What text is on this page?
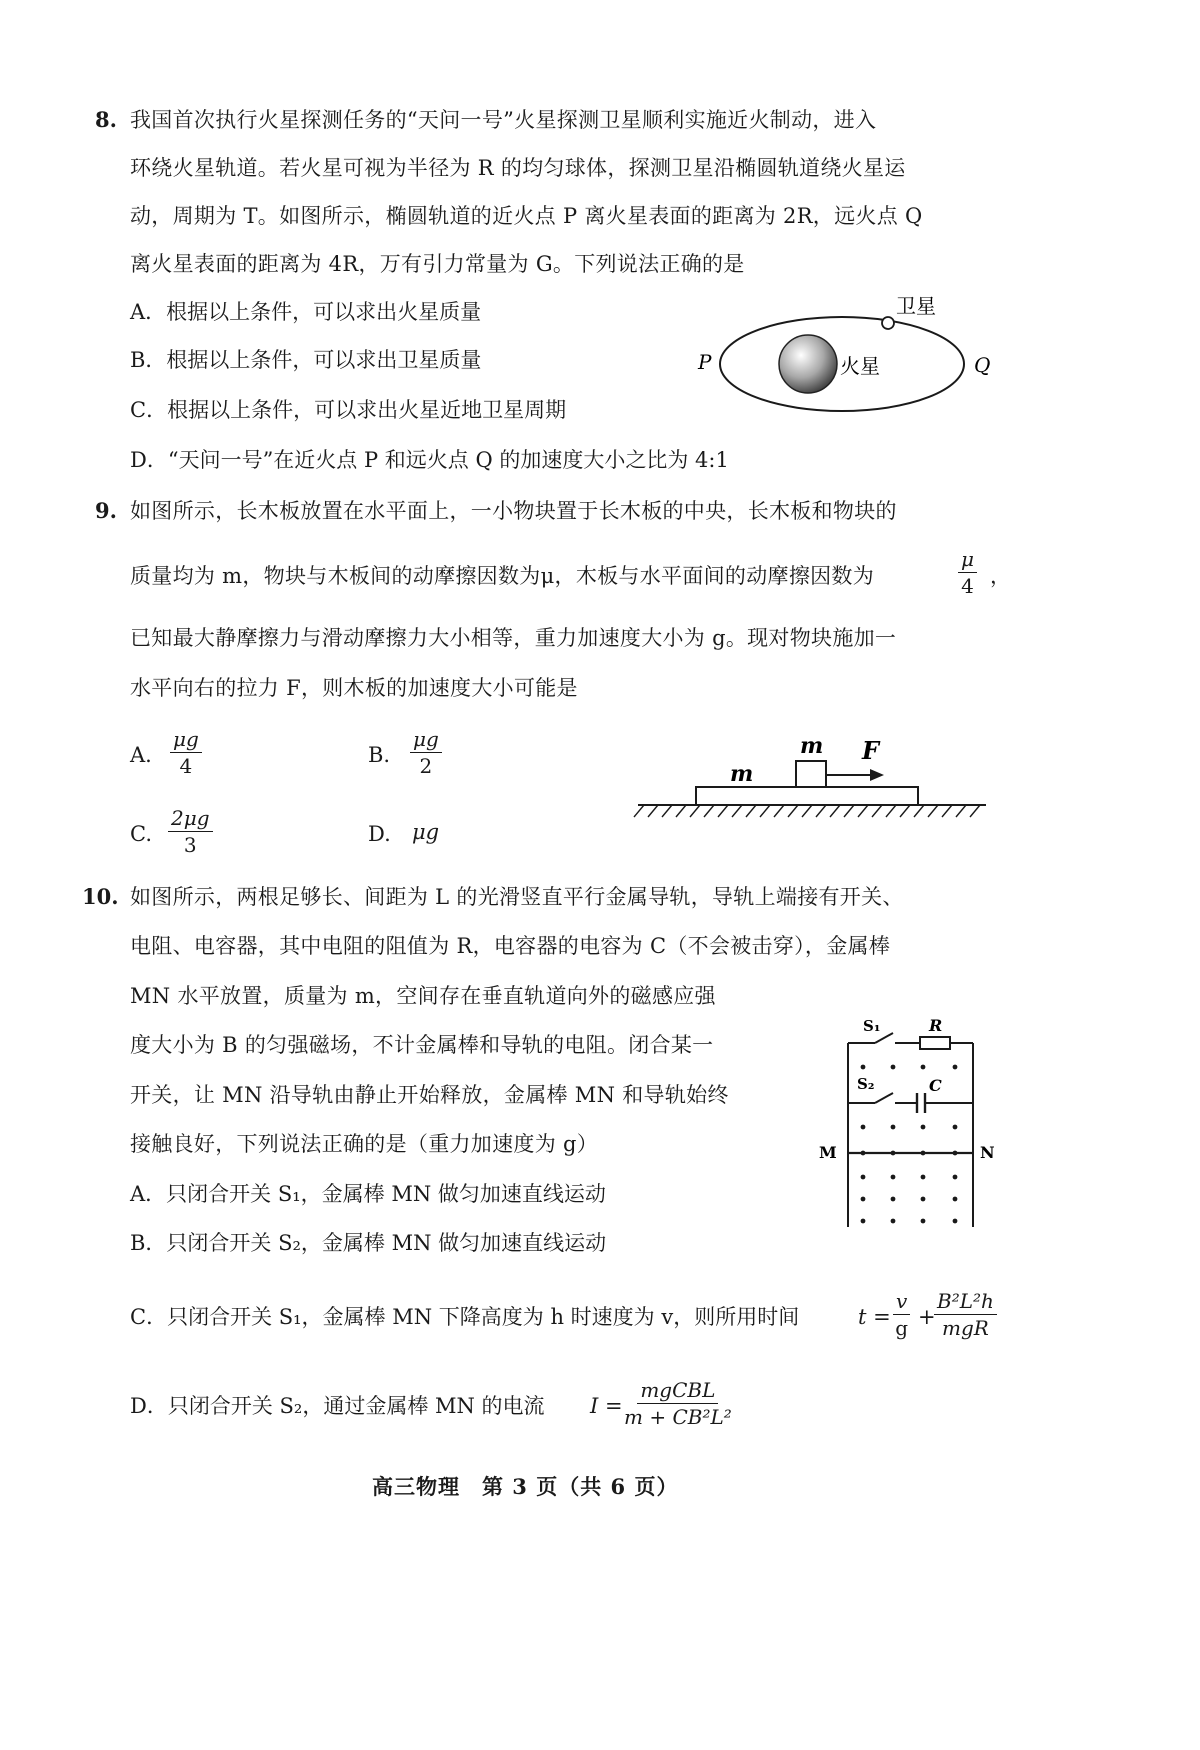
8. 我国首次执行火星探测任务的“天问一号”火星探测卫星顺利实施近火制动，进入
环绕火星轨道。若火星可视为半径为 R 的均匀球体，探测卫星沿椭圆轨道绕火星运
动，周期为 T。如图所示，椭圆轨道的近火点 P 离火星表面的距离为 2R，远火点 Q
离火星表面的距离为 4R，万有引力常量为 G。下列说法正确的是
A．根据以上条件，可以求出火星质量
B．根据以上条件，可以求出卫星质量
C．根据以上条件，可以求出火星近地卫星周期
D．“天问一号”在近火点 P 和远火点 Q 的加速度大小之比为 4:1
卫星
火星
P	Q
9. 如图所示，长木板放置在水平面上，一小物块置于长木板的中央，长木板和物块的
质量均为 m，物块与木板间的动摩擦因数为μ，木板与水平面间的动摩擦因数为	$\frac{\mu}{4}$ ，
已知最大静摩擦力与滑动摩擦力大小相等，重力加速度大小为 g。现对物块施加一
水平向右的拉力 F，则木板的加速度大小可能是
A. $\frac{\mu g}{4}$	B. $\frac{\mu g}{2}$
C. $\frac{2\mu g}{3}$	D. μg
m
m
F
10. 如图所示，两根足够长、间距为 L 的光滑竖直平行金属导轨，导轨上端接有开关、
电阻、电容器，其中电阻的阻值为 R，电容器的电容为 C（不会被击穿），金属棒
MN 水平放置，质量为 m，空间存在垂直轨道向外的磁感应强
度大小为 B 的匀强磁场，不计金属棒和导轨的电阻。闭合某一
开关，让 MN 沿导轨由静止开始释放，金属棒 MN 和导轨始终
接触良好，下列说法正确的是（重力加速度为 g）
A．只闭合开关 S₁，金属棒 MN 做匀加速直线运动
B．只闭合开关 S₂，金属棒 MN 做匀加速直线运动
C．只闭合开关 S₁，金属棒 MN 下降高度为 h 时速度为 v，则所用时间	$t = \frac{v}{g}$ +
B²L²h
mgR
D．只闭合开关 S₂，通过金属棒 MN 的电流 I =
mgCBL
m + CB²L²
S₁	R
S₂	C
M	N
高三物理　第 3 页（共 6 页）
